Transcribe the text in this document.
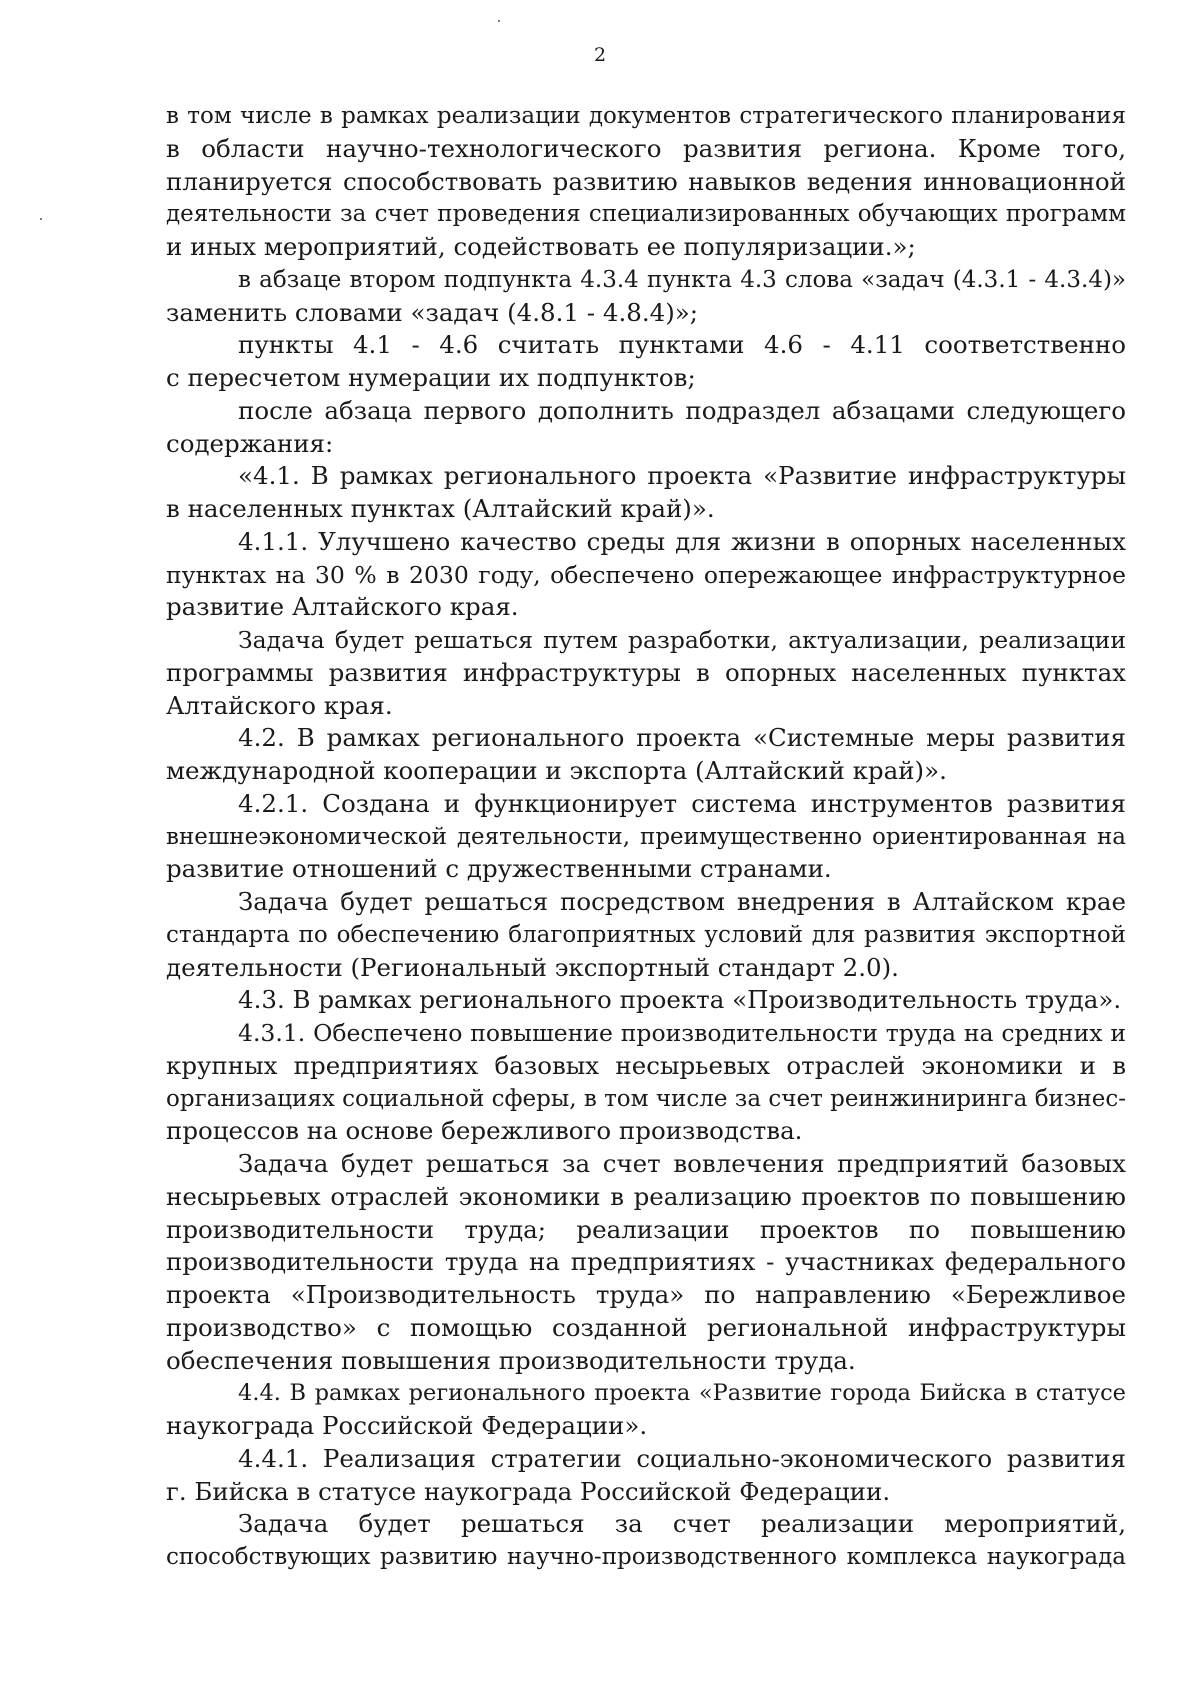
2
в том числе в рамках реализации документов стратегического планирования
в области научно-технологического развития региона. Кроме того,
планируется способствовать развитию навыков ведения инновационной
деятельности за счет проведения специализированных обучающих программ
и иных мероприятий, содействовать ее популяризации.»;
в абзаце втором подпункта 4.3.4 пункта 4.3 слова «задач (4.3.1 - 4.3.4)»
заменить словами «задач (4.8.1 - 4.8.4)»;
пункты 4.1 - 4.6 считать пунктами 4.6 - 4.11 соответственно
с пересчетом нумерации их подпунктов;
после абзаца первого дополнить подраздел абзацами следующего
содержания:
«4.1. В рамках регионального проекта «Развитие инфраструктуры
в населенных пунктах (Алтайский край)».
4.1.1. Улучшено качество среды для жизни в опорных населенных
пунктах на 30 % в 2030 году, обеспечено опережающее инфраструктурное
развитие Алтайского края.
Задача будет решаться путем разработки, актуализации, реализации
программы развития инфраструктуры в опорных населенных пунктах
Алтайского края.
4.2. В рамках регионального проекта «Системные меры развития
международной кооперации и экспорта (Алтайский край)».
4.2.1. Создана и функционирует система инструментов развития
внешнеэкономической деятельности, преимущественно ориентированная на
развитие отношений с дружественными странами.
Задача будет решаться посредством внедрения в Алтайском крае
стандарта по обеспечению благоприятных условий для развития экспортной
деятельности (Региональный экспортный стандарт 2.0).
4.3. В рамках регионального проекта «Производительность труда».
4.3.1. Обеспечено повышение производительности труда на средних и
крупных предприятиях базовых несырьевых отраслей экономики и в
организациях социальной сферы, в том числе за счет реинжиниринга бизнес-
процессов на основе бережливого производства.
Задача будет решаться за счет вовлечения предприятий базовых
несырьевых отраслей экономики в реализацию проектов по повышению
производительности труда; реализации проектов по повышению
производительности труда на предприятиях - участниках федерального
проекта «Производительность труда» по направлению «Бережливое
производство» с помощью созданной региональной инфраструктуры
обеспечения повышения производительности труда.
4.4. В рамках регионального проекта «Развитие города Бийска в статусе
наукограда Российской Федерации».
4.4.1. Реализация стратегии социально-экономического развития
г. Бийска в статусе наукограда Российской Федерации.
Задача будет решаться за счет реализации мероприятий,
способствующих развитию научно-производственного комплекса наукограда
